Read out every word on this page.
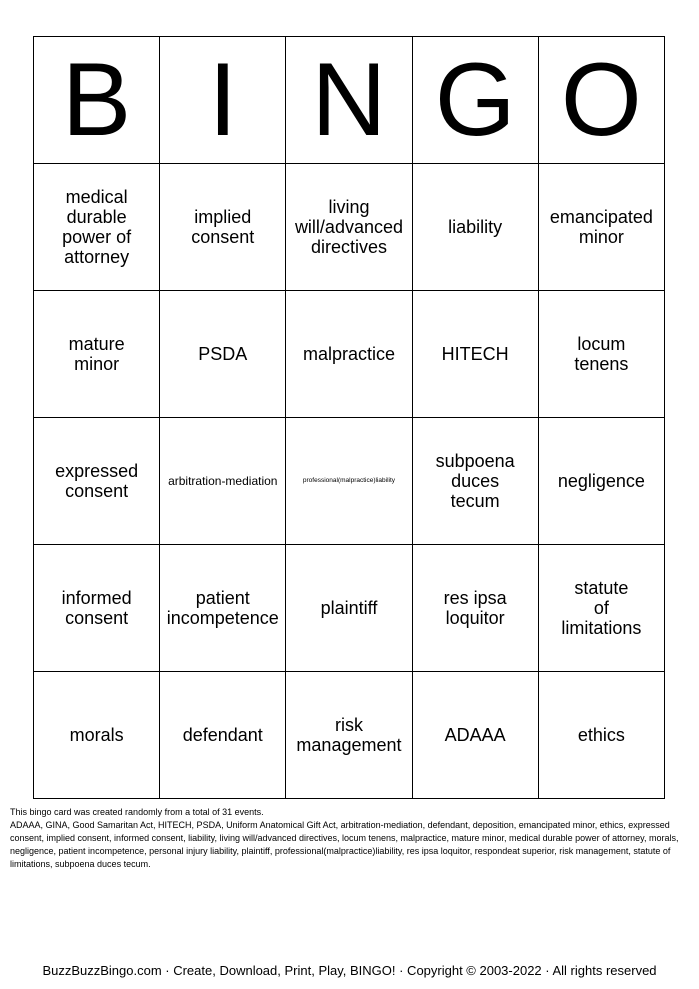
B	I	N	G	O
medical
durable
power of
attorney	implied
consent	living
will/advanced
directives	liability	emancipated
minor
mature
minor	PSDA	malpractice	HITECH	locum
tenens
expressed
consent	arbitration-mediation	professional(malpractice)liability	subpoena
duces
tecum	negligence
informed
consent	patient
incompetence	plaintiff	res ipsa
loquitor	statute
of
limitations
morals	defendant	risk
management	ADAAA	ethics

This bingo card was created randomly from a total of 31 events.

ADAAA, GINA, Good Samaritan Act, HITECH, PSDA, Uniform Anatomical Gift Act, arbitration-mediation, defendant, deposition, emancipated minor, ethics, expressed consent, implied consent, informed consent, liability, living will/advanced directives, locum tenens, malpractice, mature minor, medical durable power of attorney, morals, negligence, patient incompetence, personal injury liability, plaintiff, professional(malpractice)liability, res ipsa loquitor, respondeat superior, risk management, statute of limitations, subpoena duces tecum.

BuzzBuzzBingo.com · Create, Download, Print, Play, BINGO! · Copyright © 2003-2022 · All rights reserved
